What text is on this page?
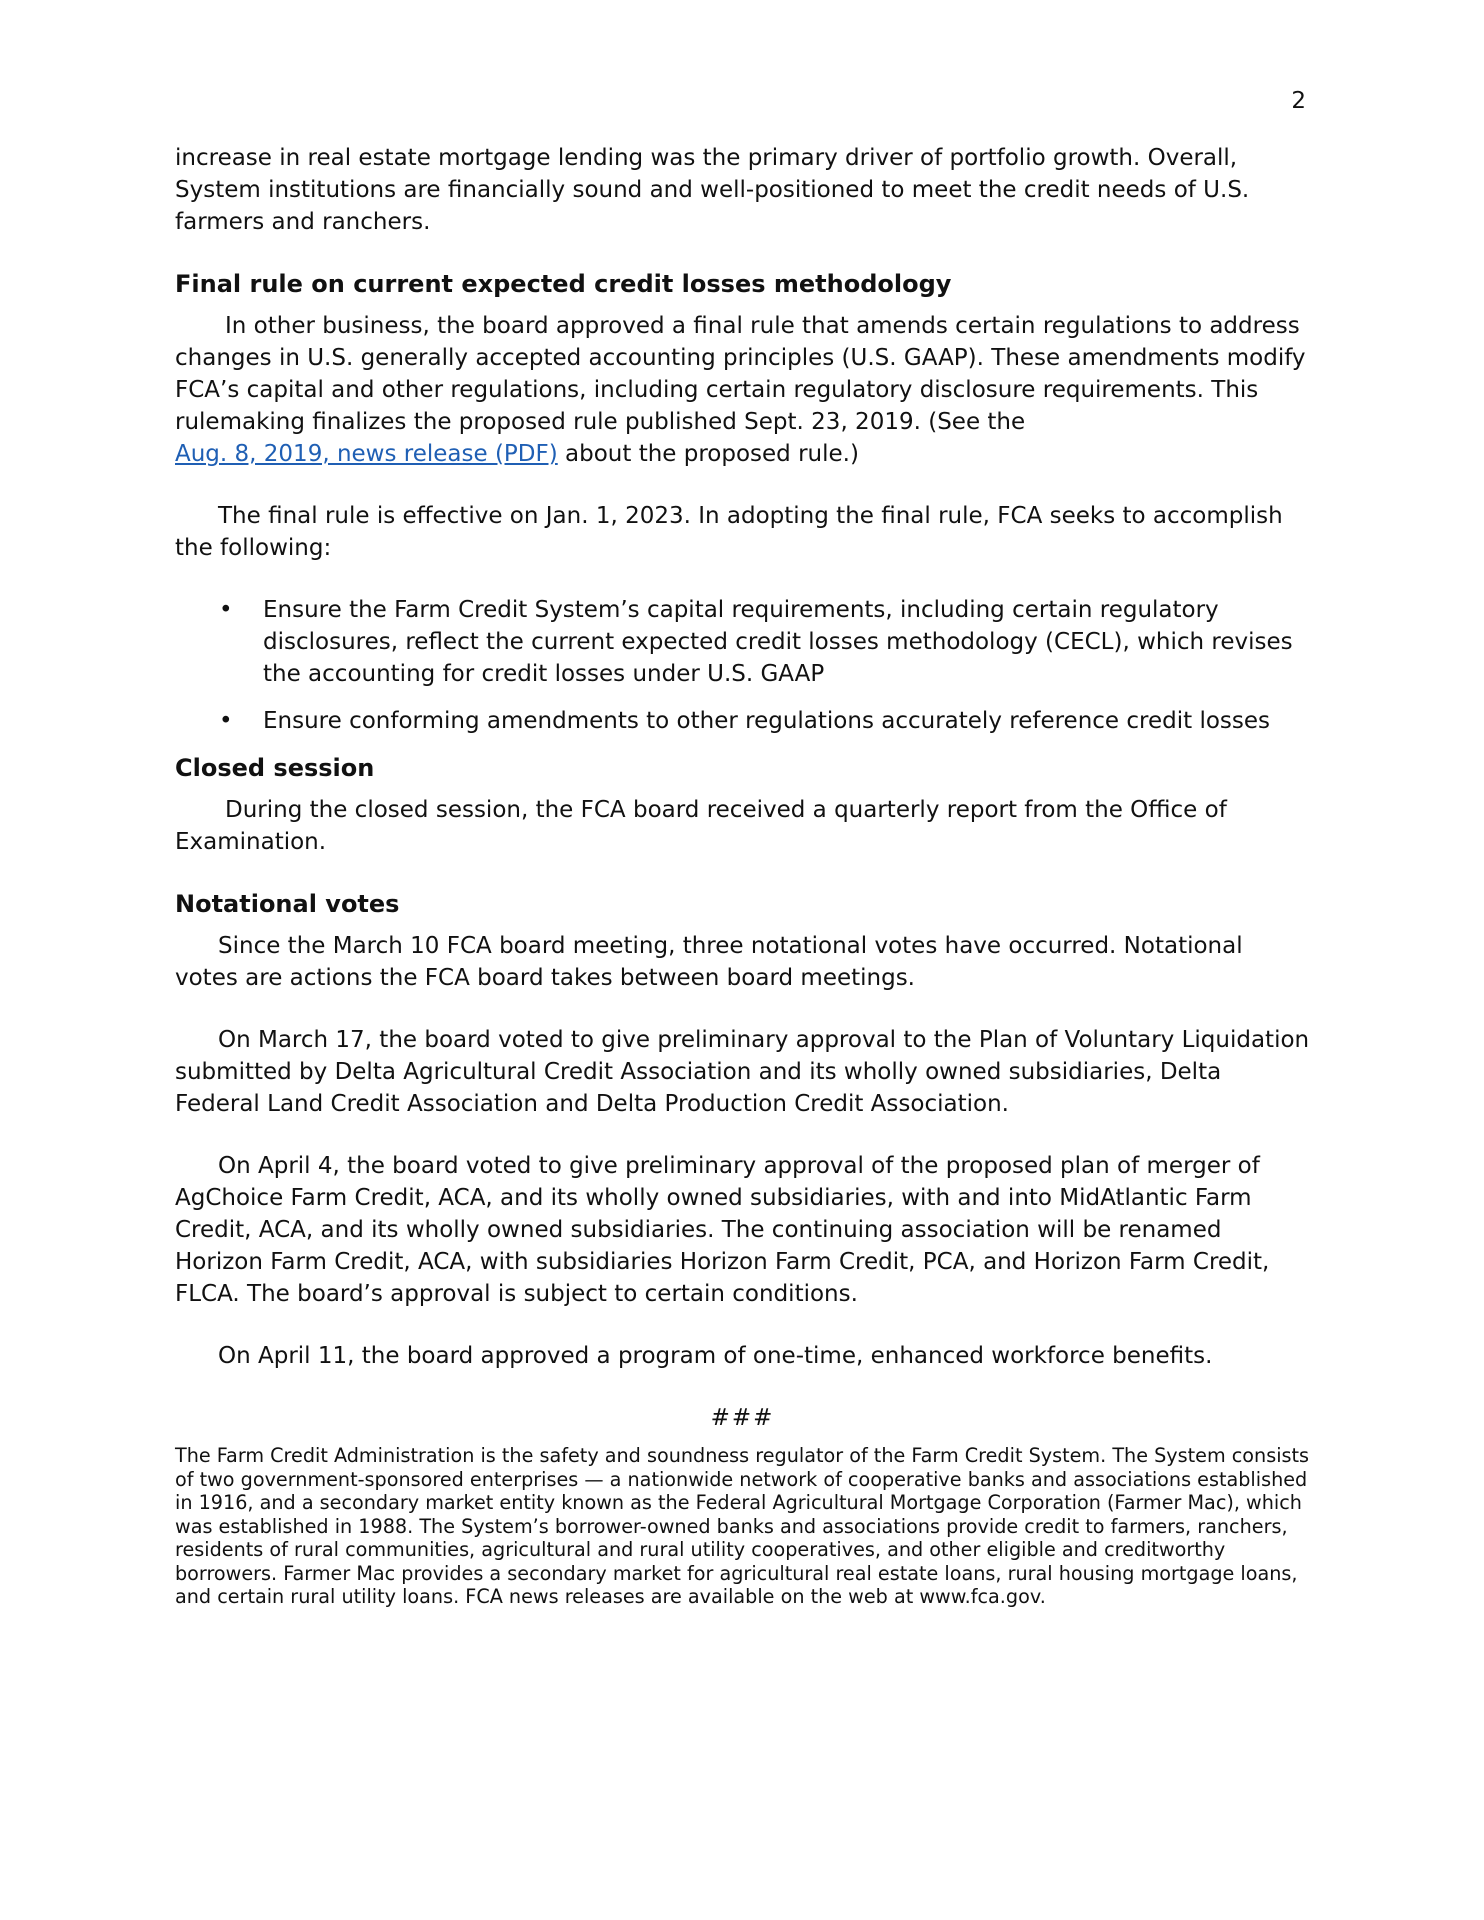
2

increase in real estate mortgage lending was the primary driver of portfolio growth. Overall, System institutions are financially sound and well-positioned to meet the credit needs of U.S. farmers and ranchers.

Final rule on current expected credit losses methodology

In other business, the board approved a final rule that amends certain regulations to address changes in U.S. generally accepted accounting principles (U.S. GAAP). These amendments modify FCA’s capital and other regulations, including certain regulatory disclosure requirements. This rulemaking finalizes the proposed rule published Sept. 23, 2019. (See the
Aug. 8, 2019, news release (PDF) about the proposed rule.)

The final rule is effective on Jan. 1, 2023. In adopting the final rule, FCA seeks to accomplish the following:

• Ensure the Farm Credit System’s capital requirements, including certain regulatory disclosures, reflect the current expected credit losses methodology (CECL), which revises the accounting for credit losses under U.S. GAAP
• Ensure conforming amendments to other regulations accurately reference credit losses
Closed session

During the closed session, the FCA board received a quarterly report from the Office of Examination.

Notational votes

Since the March 10 FCA board meeting, three notational votes have occurred. Notational votes are actions the FCA board takes between board meetings.

On March 17, the board voted to give preliminary approval to the Plan of Voluntary Liquidation submitted by Delta Agricultural Credit Association and its wholly owned subsidiaries, Delta Federal Land Credit Association and Delta Production Credit Association.

On April 4, the board voted to give preliminary approval of the proposed plan of merger of AgChoice Farm Credit, ACA, and its wholly owned subsidiaries, with and into MidAtlantic Farm Credit, ACA, and its wholly owned subsidiaries. The continuing association will be renamed Horizon Farm Credit, ACA, with subsidiaries Horizon Farm Credit, PCA, and Horizon Farm Credit, FLCA. The board’s approval is subject to certain conditions.

On April 11, the board approved a program of one-time, enhanced workforce benefits.

###

The Farm Credit Administration is the safety and soundness regulator of the Farm Credit System. The System consists of two government-sponsored enterprises — a nationwide network of cooperative banks and associations established in 1916, and a secondary market entity known as the Federal Agricultural Mortgage Corporation (Farmer Mac), which was established in 1988. The System’s borrower-owned banks and associations provide credit to farmers, ranchers, residents of rural communities, agricultural and rural utility cooperatives, and other eligible and creditworthy borrowers. Farmer Mac provides a secondary market for agricultural real estate loans, rural housing mortgage loans, and certain rural utility loans. FCA news releases are available on the web at www.fca.gov.
